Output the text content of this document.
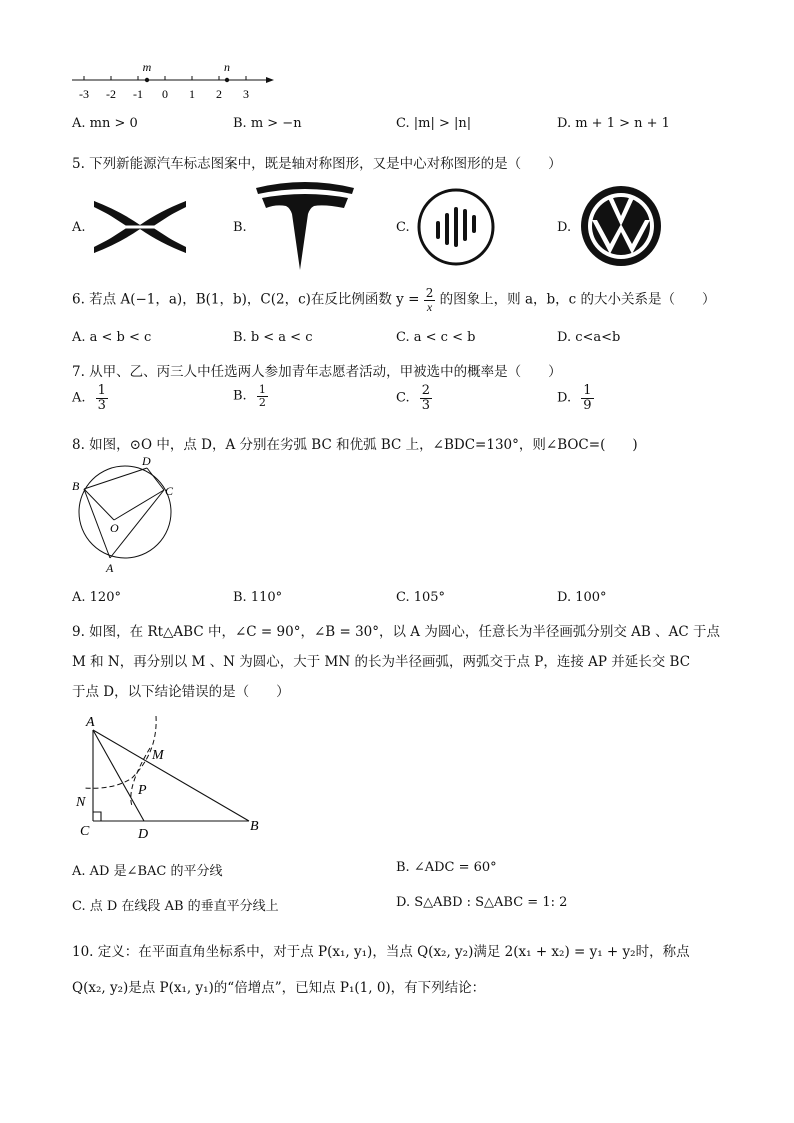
m	n
-3 -2 -1 0 1 2 3
A. mn > 0	B. m > −n	C. |m| > |n|	D. m + 1 > n + 1
5. 下列新能源汽车标志图案中，既是轴对称图形，又是中心对称图形的是（　　）
A.	B.	C.	D.
6. 若点 A(−1，a)，B(1，b)，C(2，c)在反比例函数 $y = \frac{2}{x}$ 的图象上，则 a，b，c 的大小关系是（　　）
A. a < b < c	B. b < a < c	C. a < c < b	D. c<a<b
7. 从甲、乙、丙三人中任选两人参加青年志愿者活动，甲被选中的概率是（　　）
A. $\frac{1}{3}$	B. $\frac{1}{2}$	C. $\frac{2}{3}$	D. $\frac{1}{9}$
8. 如图，⊙O 中，点 D，A 分别在劣弧 BC 和优弧 BC 上，∠BDC=130°，则∠BOC=(　　)
B
D
C
O
A
A. 120°	B. 110°	C. 105°	D. 100°
9. 如图，在 Rt△ABC 中，∠C = 90°，∠B = 30°，以 A 为圆心，任意长为半径画弧分别交 AB 、AC 于点
M 和 N，再分别以 M 、N 为圆心，大于 MN 的长为半径画弧，两弧交于点 P，连接 AP 并延长交 BC
于点 D，以下结论错误的是（　　）
A
M
N
P
C	D
B
A. AD 是∠BAC 的平分线	B. ∠ADC = 60°
C. 点 D 在线段 AB 的垂直平分线上	D. S△ABD : S△ABC = 1: 2
10. 定义：在平面直角坐标系中，对于点 P(x₁, y₁)，当点 Q(x₂, y₂)满足 2(x₁ + x₂) = y₁ + y₂时，称点
Q(x₂, y₂)是点 P(x₁, y₁)的“倍增点”，已知点 P₁(1, 0)，有下列结论：
